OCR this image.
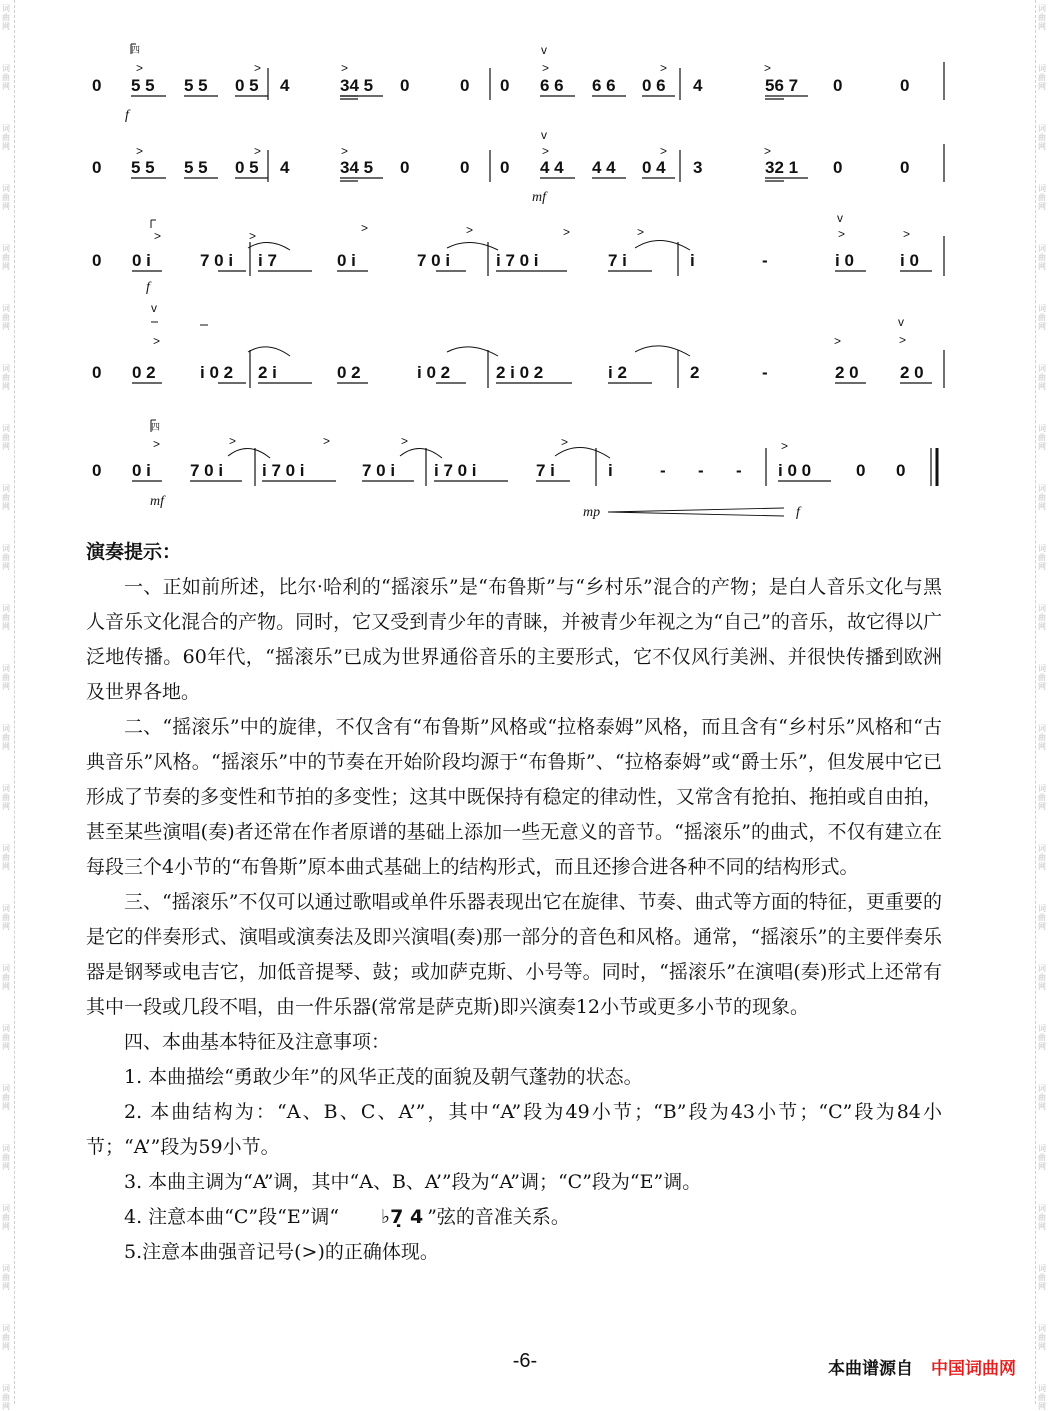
词
曲
网
词
曲
网
词
曲
网
词
曲
网
词
曲
网
词
曲
网
词
曲
网
词
曲
网
词
曲
网
词
曲
网
词
曲
网
词
曲
网
词
曲
网
词
曲
网
词
曲
网
词
曲
网
词
曲
网
词
曲
网
词
曲
网
词
曲
网
词
曲
网
词
曲
网
词
曲
网
词
曲
网
词
曲
网
词
曲
网
词
曲
网
词
曲
网
词
曲
网
词
曲
网
词
曲
网
词
曲
网
词
曲
网
词
曲
网
词
曲
网
词
曲
网
词
曲
网
词
曲
网
词
曲
网
词
曲
网
词
曲
网
词
曲
网
词
曲
网
词
曲
网
词
曲
网
词
曲
网
词
曲
网
词
曲
网
四
>	>	>
v
>	>	>
0 5 5 5 5 0 5 4	34 5 0	0 0 6 6 6 6 0 6 4	56 7 0	0
f
>	>	>
v
>	>	>
0 5 5 5 5 0 5 4	34 5 0	0 0 4 4 4 4 0 4 3	32 1 0	0
mf
>	>
>	>	>	>
v
>	>
0 0 i	7 0 i i 7	0 i	7 0 i	i 7 0 i	7 i	i	-	i 0	i 0
f
v
>	>
v
>
0 0 2	i 0 2 2 i	0 2	i 0 2	2 i 0 2	i 2	2	-	2 0 2 0
四
>	>	>	>	>	>
0 0 i 7 0 i i 7 0 i	7 0 i i 7 0 i	7 i	i	- - - i 0 0	0 0
mf
mp	f

演奏提示：

一、正如前所述，比尔·哈利的“摇滚乐”是“布鲁斯”与“乡村乐”混合的产物；是白人音乐文化与黑人音乐文化混合的产物。同时，它又受到青少年的青睐，并被青少年视之为“自己”的音乐，故它得以广泛地传播。60年代，“摇滚乐”已成为世界通俗音乐的主要形式，它不仅风行美洲、并很快传播到欧洲及世界各地。

二、“摇滚乐”中的旋律，不仅含有“布鲁斯”风格或“拉格泰姆”风格，而且含有“乡村乐”风格和“古典音乐”风格。“摇滚乐”中的节奏在开始阶段均源于“布鲁斯”、“拉格泰姆”或“爵士乐”，但发展中它已形成了节奏的多变性和节拍的多变性；这其中既保持有稳定的律动性，又常含有抢拍、拖拍或自由拍，甚至某些演唱(奏)者还常在作者原谱的基础上添加一些无意义的音节。“摇滚乐”的曲式，不仅有建立在每段三个4小节的“布鲁斯”原本曲式基础上的结构形式，而且还掺合进各种不同的结构形式。

三、“摇滚乐”不仅可以通过歌唱或单件乐器表现出它在旋律、节奏、曲式等方面的特征，更重要的是它的伴奏形式、演唱或演奏法及即兴演唱(奏)那一部分的音色和风格。通常，“摇滚乐”的主要伴奏乐器是钢琴或电吉它，加低音提琴、鼓；或加萨克斯、小号等。同时，“摇滚乐”在演唱(奏)形式上还常有其中一段或几段不唱，由一件乐器(常常是萨克斯)即兴演奏12小节或更多小节的现象。

四、本曲基本特征及注意事项：

1. 本曲描绘“勇敢少年”的风华正茂的面貌及朝气蓬勃的状态。

2. 本曲结构为：“A、B、C、A’”，其中“A”段为49小节；“B”段为43小节；“C”段为84小节；“A’”段为59小节。

3. 本曲主调为“A”调，其中“A、B、A’”段为“A”调；“C”段为“E”调。

4. 注意本曲“C”段“E”调“ ♭7̣ 4 ”弦的音准关系。

5.注意本曲强音记号(>)的正确体现。

-6-	本曲谱源自 中国词曲网
